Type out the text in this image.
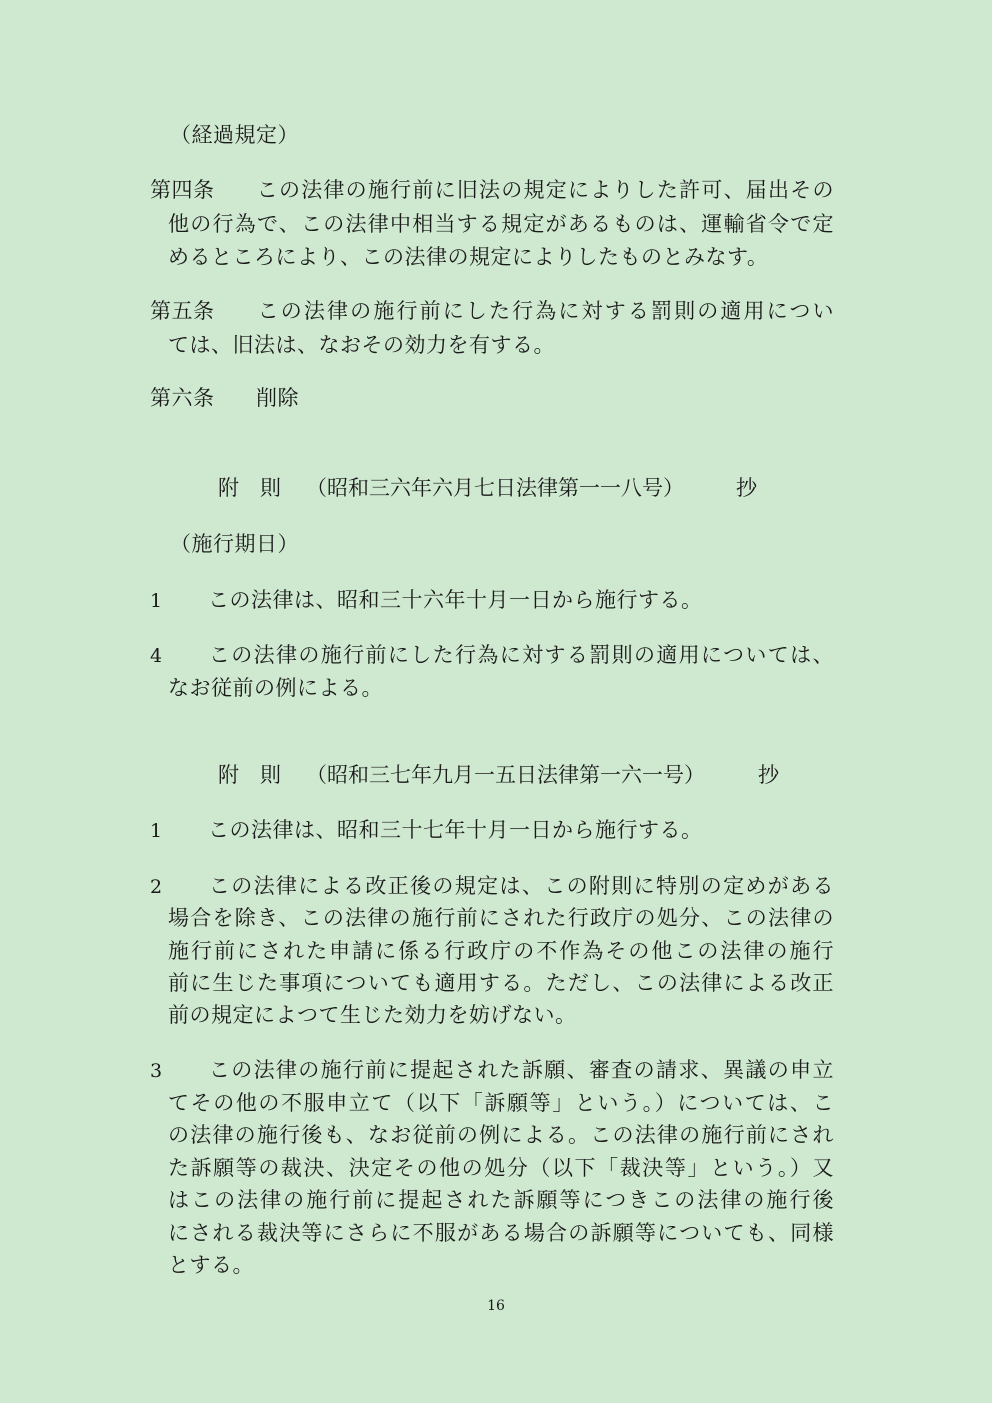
（経過規定）
第四条 この法律の施行前に旧法の規定によりした許可、届出その
他の行為で、この法律中相当する規定があるものは、運輸省令で定
めるところにより、この法律の規定によりしたものとみなす。
第五条 この法律の施行前にした行為に対する罰則の適用につい
ては、旧法は、なおその効力を有する。
第六条 削除
附　則 （昭和三六年六月七日法律第一一八号） 抄
（施行期日）
1 この法律は、昭和三十六年十月一日から施行する。
4 この法律の施行前にした行為に対する罰則の適用については、
なお従前の例による。
附　則 （昭和三七年九月一五日法律第一六一号）	抄
1 この法律は、昭和三十七年十月一日から施行する。
2 この法律による改正後の規定は、この附則に特別の定めがある
場合を除き、この法律の施行前にされた行政庁の処分、この法律の
施行前にされた申請に係る行政庁の不作為その他この法律の施行
前に生じた事項についても適用する。ただし、この法律による改正
前の規定によつて生じた効力を妨げない。
3 この法律の施行前に提起された訴願、審査の請求、異議の申立
てその他の不服申立て（以下「訴願等」という。）については、こ
の法律の施行後も、なお従前の例による。この法律の施行前にされ
た訴願等の裁決、決定その他の処分（以下「裁決等」という。）又
はこの法律の施行前に提起された訴願等につきこの法律の施行後
にされる裁決等にさらに不服がある場合の訴願等についても、同様
とする。
16
